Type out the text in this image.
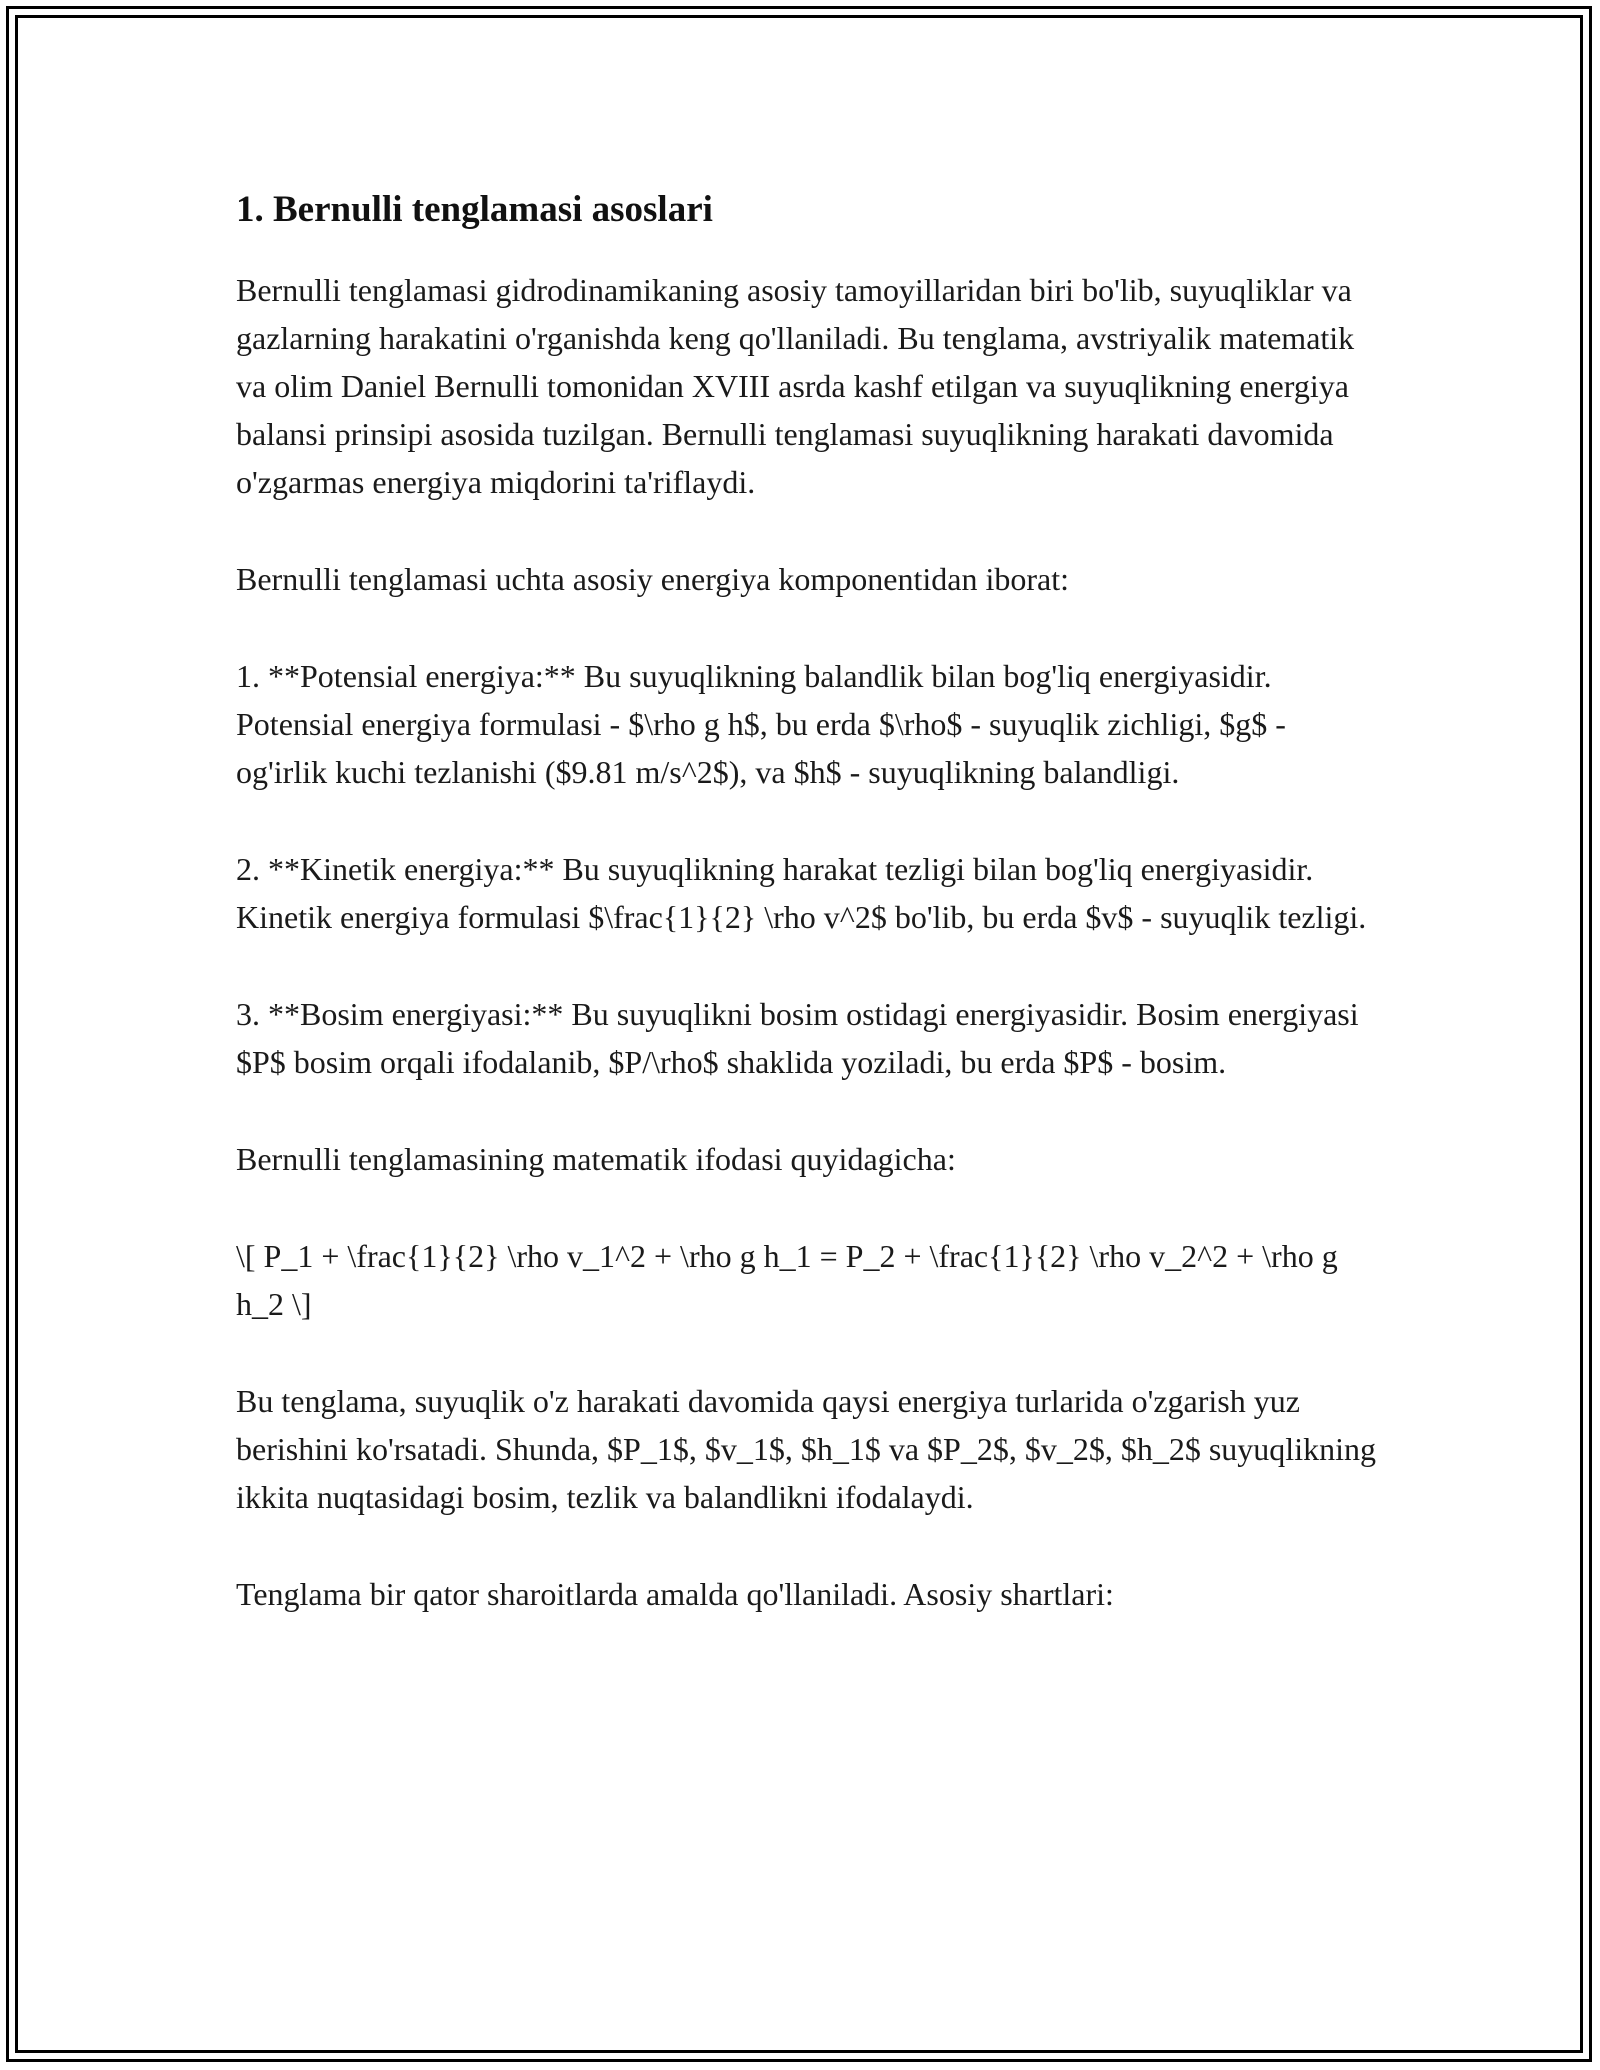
1. Bernulli tenglamasi asoslari

Bernulli tenglamasi gidrodinamikaning asosiy tamoyillaridan biri bo'lib, suyuqliklar va gazlarning harakatini o'rganishda keng qo'llaniladi. Bu tenglama, avstriyalik matematik va olim Daniel Bernulli tomonidan XVIII asrda kashf etilgan va suyuqlikning energiya balansi prinsipi asosida tuzilgan. Bernulli tenglamasi suyuqlikning harakati davomida o'zgarmas energiya miqdorini ta'riflaydi.

Bernulli tenglamasi uchta asosiy energiya komponentidan iborat:

1. **Potensial energiya:** Bu suyuqlikning balandlik bilan bog'liq energiyasidir. Potensial energiya formulasi - $\rho g h$, bu erda $\rho$ - suyuqlik zichligi, $g$ - og'irlik kuchi tezlanishi ($9.81 m/s^2$), va $h$ - suyuqlikning balandligi.

2. **Kinetik energiya:** Bu suyuqlikning harakat tezligi bilan bog'liq energiyasidir. Kinetik energiya formulasi $\frac{1}{2} \rho v^2$ bo'lib, bu erda $v$ - suyuqlik tezligi.

3. **Bosim energiyasi:** Bu suyuqlikni bosim ostidagi energiyasidir. Bosim energiyasi $P$ bosim orqali ifodalanib, $P/\rho$ shaklida yoziladi, bu erda $P$ - bosim.

Bernulli tenglamasining matematik ifodasi quyidagicha:

\[ P_1 + \frac{1}{2} \rho v_1^2 + \rho g h_1 = P_2 + \frac{1}{2} \rho v_2^2 + \rho g h_2 \]

Bu tenglama, suyuqlik o'z harakati davomida qaysi energiya turlarida o'zgarish yuz berishini ko'rsatadi. Shunda, $P_1$, $v_1$, $h_1$ va $P_2$, $v_2$, $h_2$ suyuqlikning ikkita nuqtasidagi bosim, tezlik va balandlikni ifodalaydi.

Tenglama bir qator sharoitlarda amalda qo'llaniladi. Asosiy shartlari:
